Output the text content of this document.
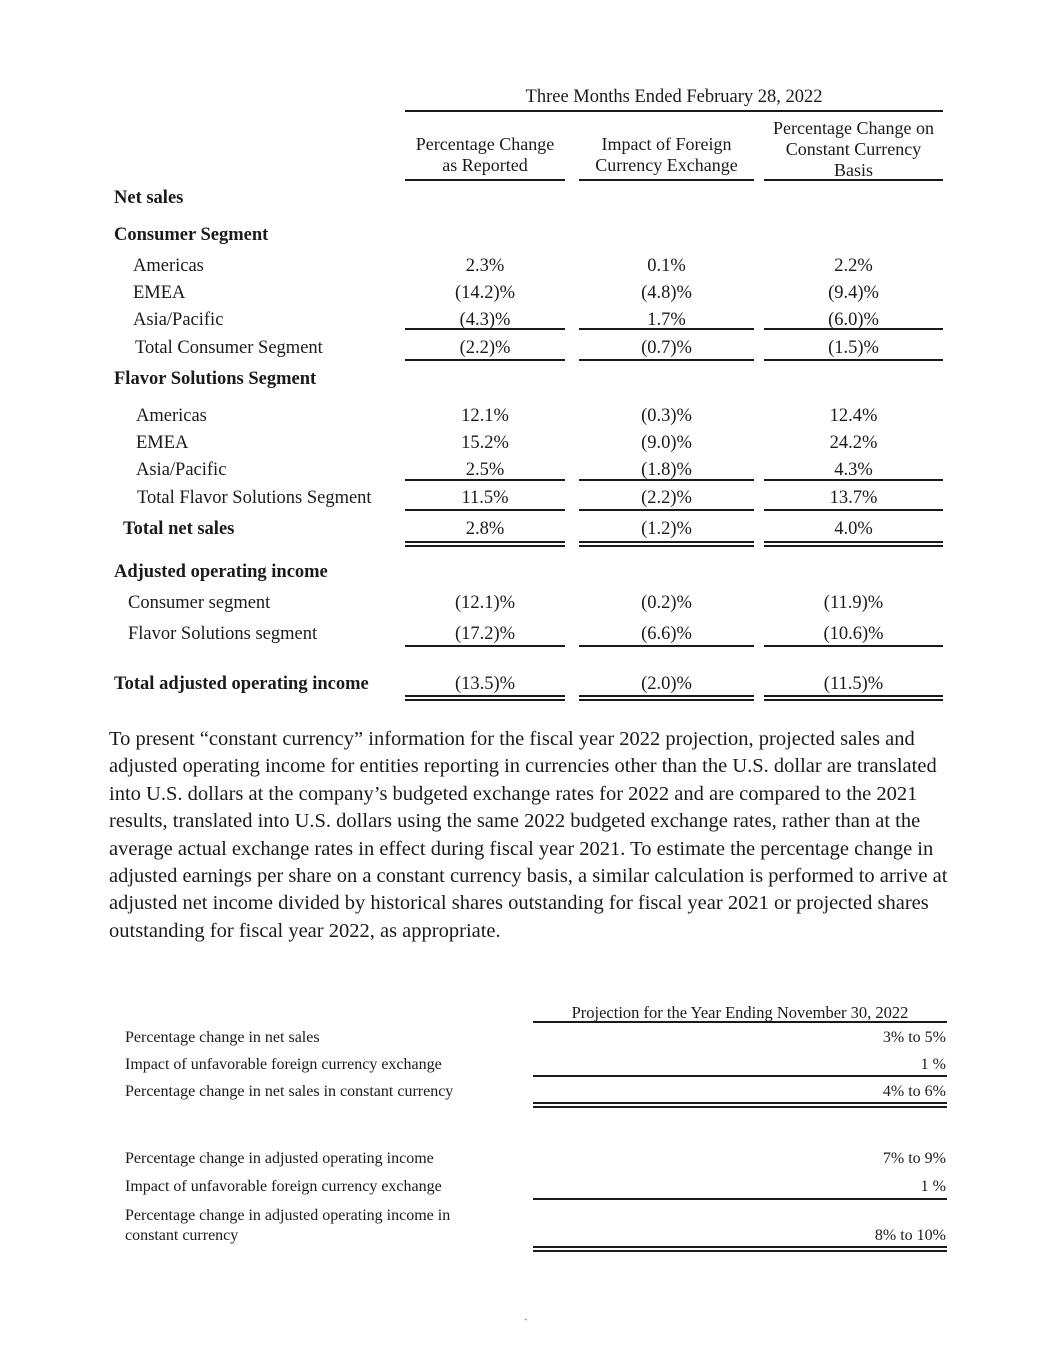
Three Months Ended February 28, 2022
Percentage Change
as Reported
Impact of Foreign
Currency Exchange
Percentage Change on
Constant Currency
Basis
Net sales
Consumer Segment
Americas	2.3%	0.1%	2.2%
EMEA	(14.2)%	(4.8)%	(9.4)%
Asia/Pacific	(4.3)%	1.7%	(6.0)%
Total Consumer Segment	(2.2)%	(0.7)%	(1.5)%
Flavor Solutions Segment
Americas	12.1%	(0.3)%	12.4%
EMEA	15.2%	(9.0)%	24.2%
Asia/Pacific	2.5%	(1.8)%	4.3%
Total Flavor Solutions Segment	11.5%	(2.2)%	13.7%
Total net sales	2.8%	(1.2)%	4.0%
Adjusted operating income
Consumer segment	(12.1)%	(0.2)%	(11.9)%
Flavor Solutions segment	(17.2)%	(6.6)%	(10.6)%
Total adjusted operating income	(13.5)%	(2.0)%	(11.5)%
To present “constant currency” information for the fiscal year 2022 projection, projected sales and adjusted operating income for entities reporting in currencies other than the U.S. dollar are translated into U.S. dollars at the company’s budgeted exchange rates for 2022 and are compared to the 2021 results, translated into U.S. dollars using the same 2022 budgeted exchange rates, rather than at the average actual exchange rates in effect during fiscal year 2021. To estimate the percentage change in adjusted earnings per share on a constant currency basis, a similar calculation is performed to arrive at adjusted net income divided by historical shares outstanding for fiscal year 2021 or projected shares outstanding for fiscal year 2022, as appropriate.
Projection for the Year Ending November 30, 2022
Percentage change in net sales	3% to 5%
Impact of unfavorable foreign currency exchange	1 %
Percentage change in net sales in constant currency	4% to 6%
Percentage change in adjusted operating income	7% to 9%
Impact of unfavorable foreign currency exchange	1 %
Percentage change in adjusted operating income in
constant currency	8% to 10%
`
